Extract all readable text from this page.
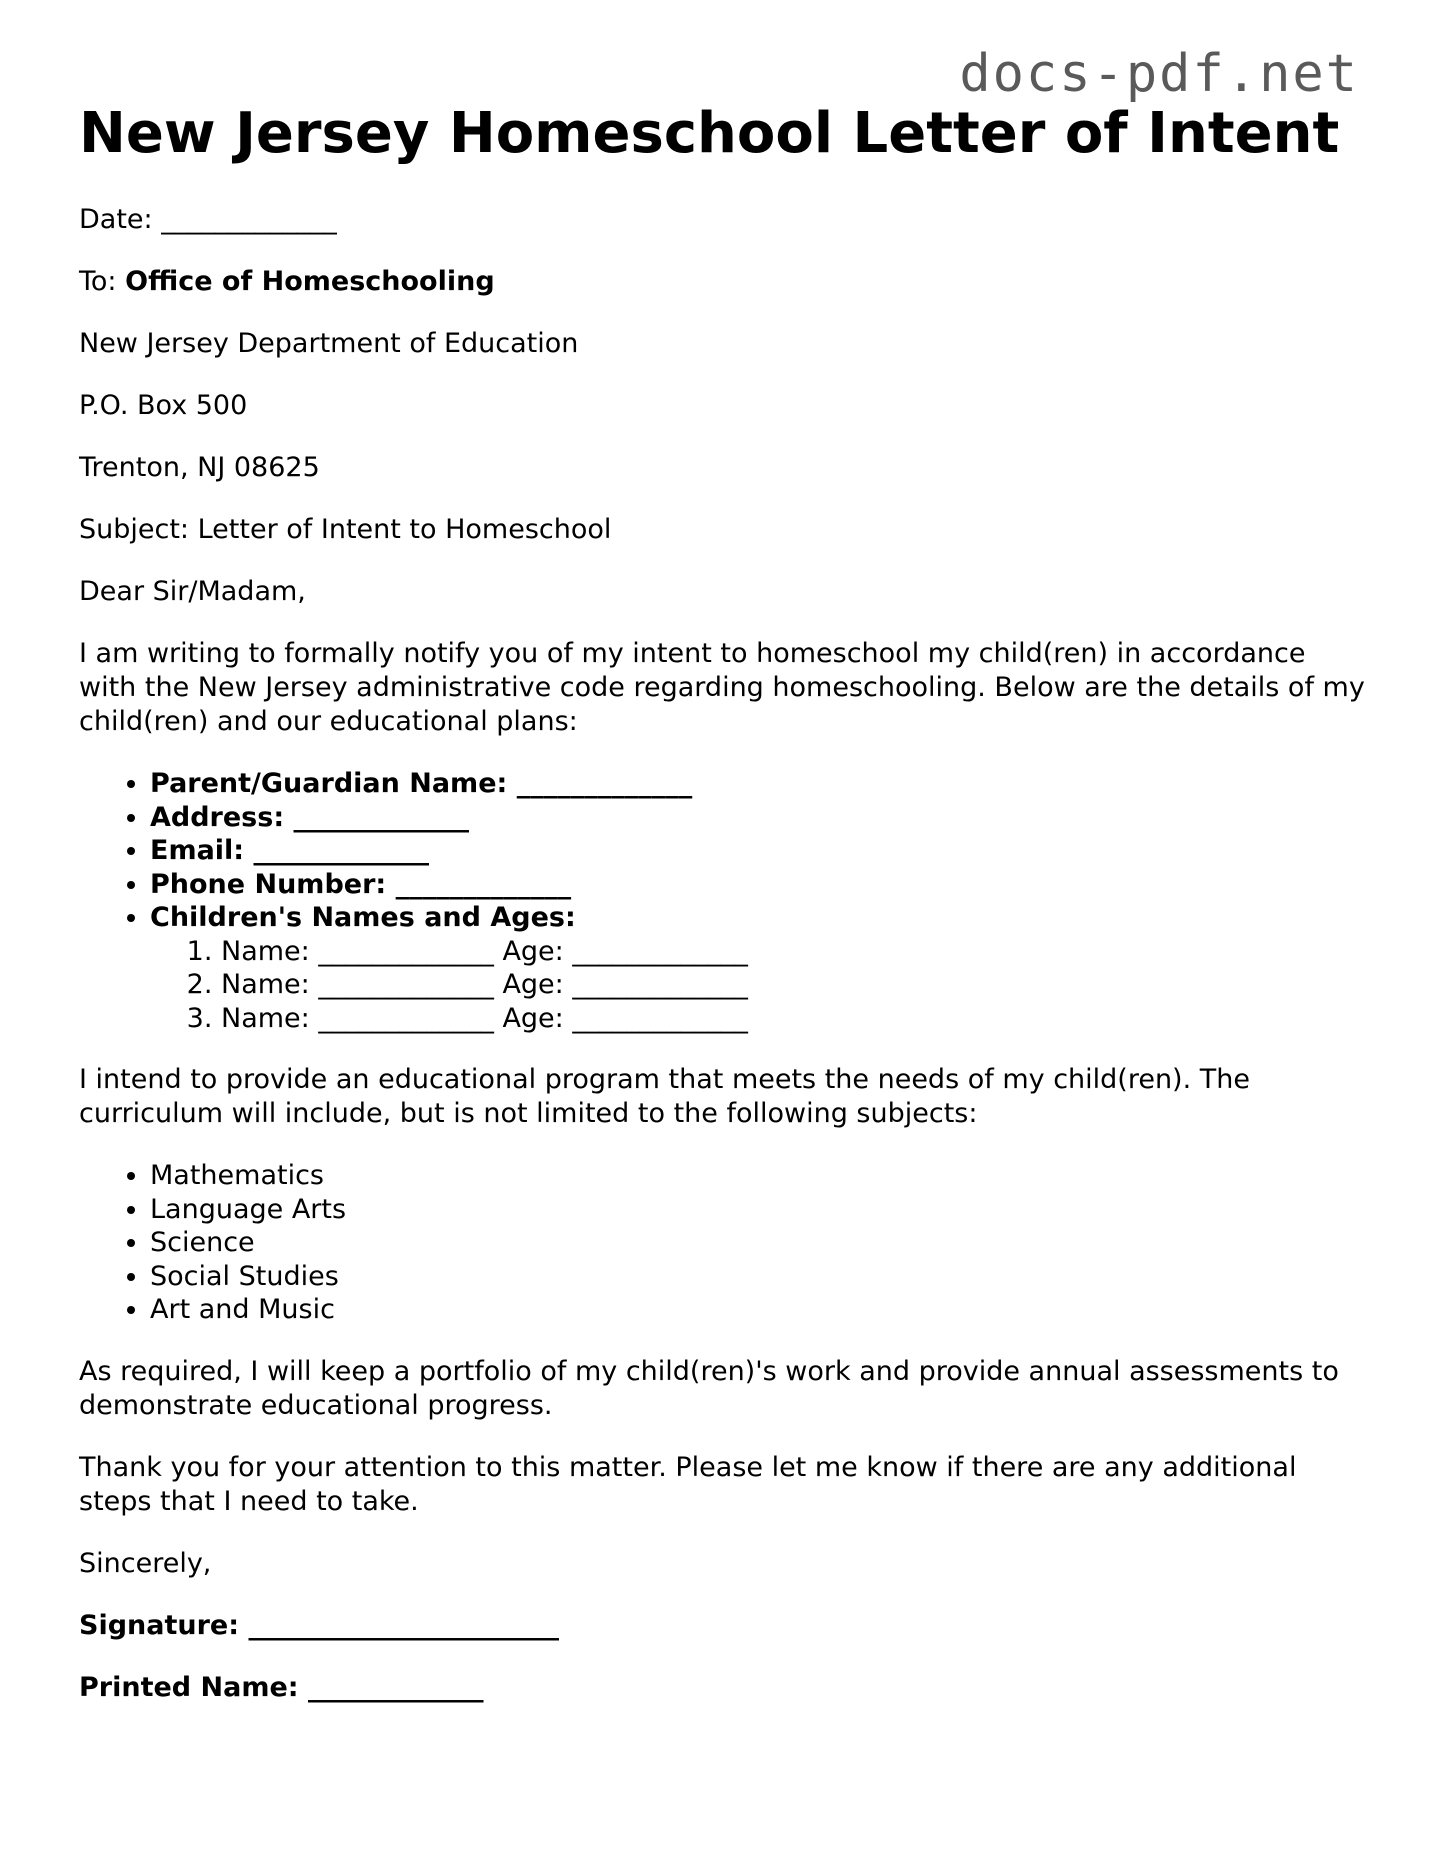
docs-pdf.net
New Jersey Homeschool Letter of Intent

Date: _____________

To: Office of Homeschooling

New Jersey Department of Education

P.O. Box 500

Trenton, NJ 08625

Subject: Letter of Intent to Homeschool

Dear Sir/Madam,

I am writing to formally notify you of my intent to homeschool my child(ren) in accordance with the New Jersey administrative code regarding homeschooling. Below are the details of my child(ren) and our educational plans:

• Parent/Guardian Name: _____________
• Address: _____________
• Email: _____________
• Phone Number: _____________
• Children's Names and Ages:
1. Name: _____________ Age: _____________
2. Name: _____________ Age: _____________
3. Name: _____________ Age: _____________

I intend to provide an educational program that meets the needs of my child(ren). The curriculum will include, but is not limited to the following subjects:

• Mathematics
• Language Arts
• Science
• Social Studies
• Art and Music

As required, I will keep a portfolio of my child(ren)'s work and provide annual assessments to demonstrate educational progress.

Thank you for your attention to this matter. Please let me know if there are any additional steps that I need to take.

Sincerely,

Signature: _______________________

Printed Name: _____________
